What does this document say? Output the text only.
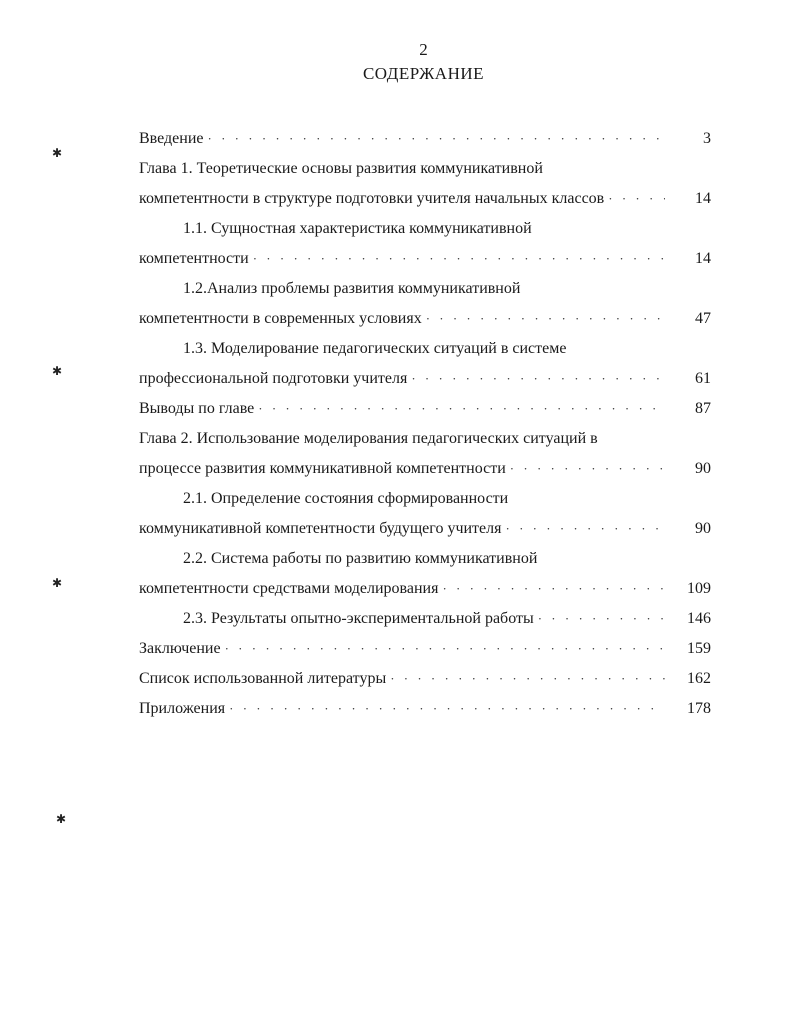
2
СОДЕРЖАНИЕ
Введение · · ·	3
Глава 1. Теоретические основы развития коммуникативной
компетентности в структуре подготовки учителя начальных классов · · ·	14
1.1. Сущностная характеристика коммуникативной
компетентности · · ·	14
1.2.Анализ проблемы развития коммуникативной
компетентности в современных условиях · · ·	47
1.3. Моделирование педагогических ситуаций в системе
профессиональной подготовки учителя · · ·	61
Выводы по главе · · ·	87
Глава 2. Использование моделирования педагогических ситуаций в
процессе развития коммуникативной компетентности · · ·	90
2.1. Определение состояния сформированности
коммуникативной компетентности будущего учителя · · ·	90
2.2. Система работы по развитию коммуникативной
компетентности средствами моделирования · · ·	109
2.3. Результаты опытно-экспериментальной работы · · ·	146
Заключение · · ·	159
Список использованной литературы · · ·	162
Приложения · · ·	178
✱
✱
✱
✱
